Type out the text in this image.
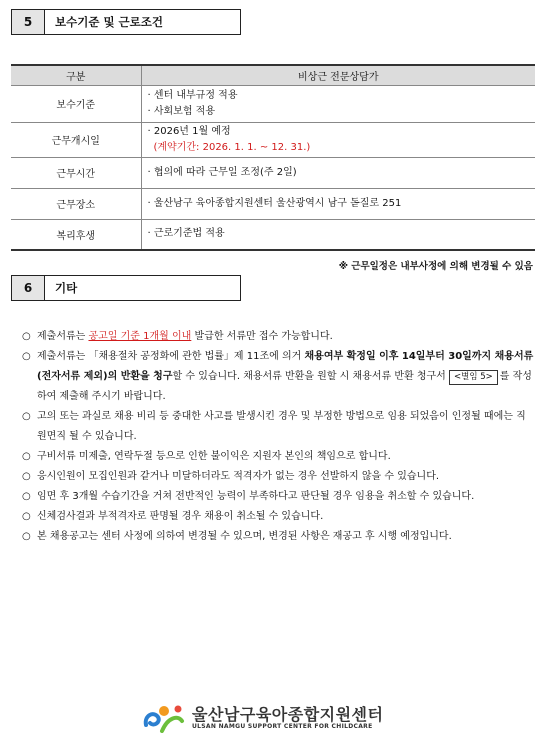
5	보수기준 및 근로조건
구분	비상근 전문상담가
보수기준	· 센터 내부규정 적용
· 사회보험 적용

근무개시일	· 2026년 1월 예정
(계약기간: 2026. 1. 1. ~ 12. 31.)

근무시간	· 협의에 따라 근무일 조정(주 2일)
근무장소	· 울산남구 육아종합지원센터 울산광역시 남구 돋질로 251
복리후생	· 근로기준법 적용
※ 근무일정은 내부사정에 의해 변경될 수 있음
6	기타
○ 제출서류는 공고일 기준 1개월 이내 발급한 서류만 접수 가능합니다.
○ 제출서류는 「채용절차 공정화에 관한 법률」제 11조에 의거 채용여부 확정일 이후 14일부터 30일까지 채용서류(전자서류 제외)의 반환을 청구할 수 있습니다. 채용서류 반환을 원할 시 채용서류 반환 청구서 <별임 5> 를 작성하여 제출해 주시기 바랍니다.
○ 고의 또는 과실로 채용 비리 등 중대한 사고를 발생시킨 경우 및 부정한 방법으로 임용 되었음이 인정될 때에는 직원면직 될 수 있습니다.
○ 구비서류 미제출, 연락두절 등으로 인한 불이익은 지원자 본인의 책임으로 합니다.
○ 응시인원이 모집인원과 같거나 미달하더라도 적격자가 없는 경우 선발하지 않을 수 있습니다.
○ 임면 후 3개월 수습기간을 거쳐 전반적인 능력이 부족하다고 판단될 경우 임용을 취소할 수 있습니다.
○ 신체검사결과 부적격자로 판명될 경우 채용이 취소될 수 있습니다.
○ 본 채용공고는 센터 사정에 의하여 변경될 수 있으며, 변경된 사항은 재공고 후 시행 예정입니다.
울산남구육아종합지원센터
ULSAN NAMGU SUPPORT CENTER FOR CHILDCARE
